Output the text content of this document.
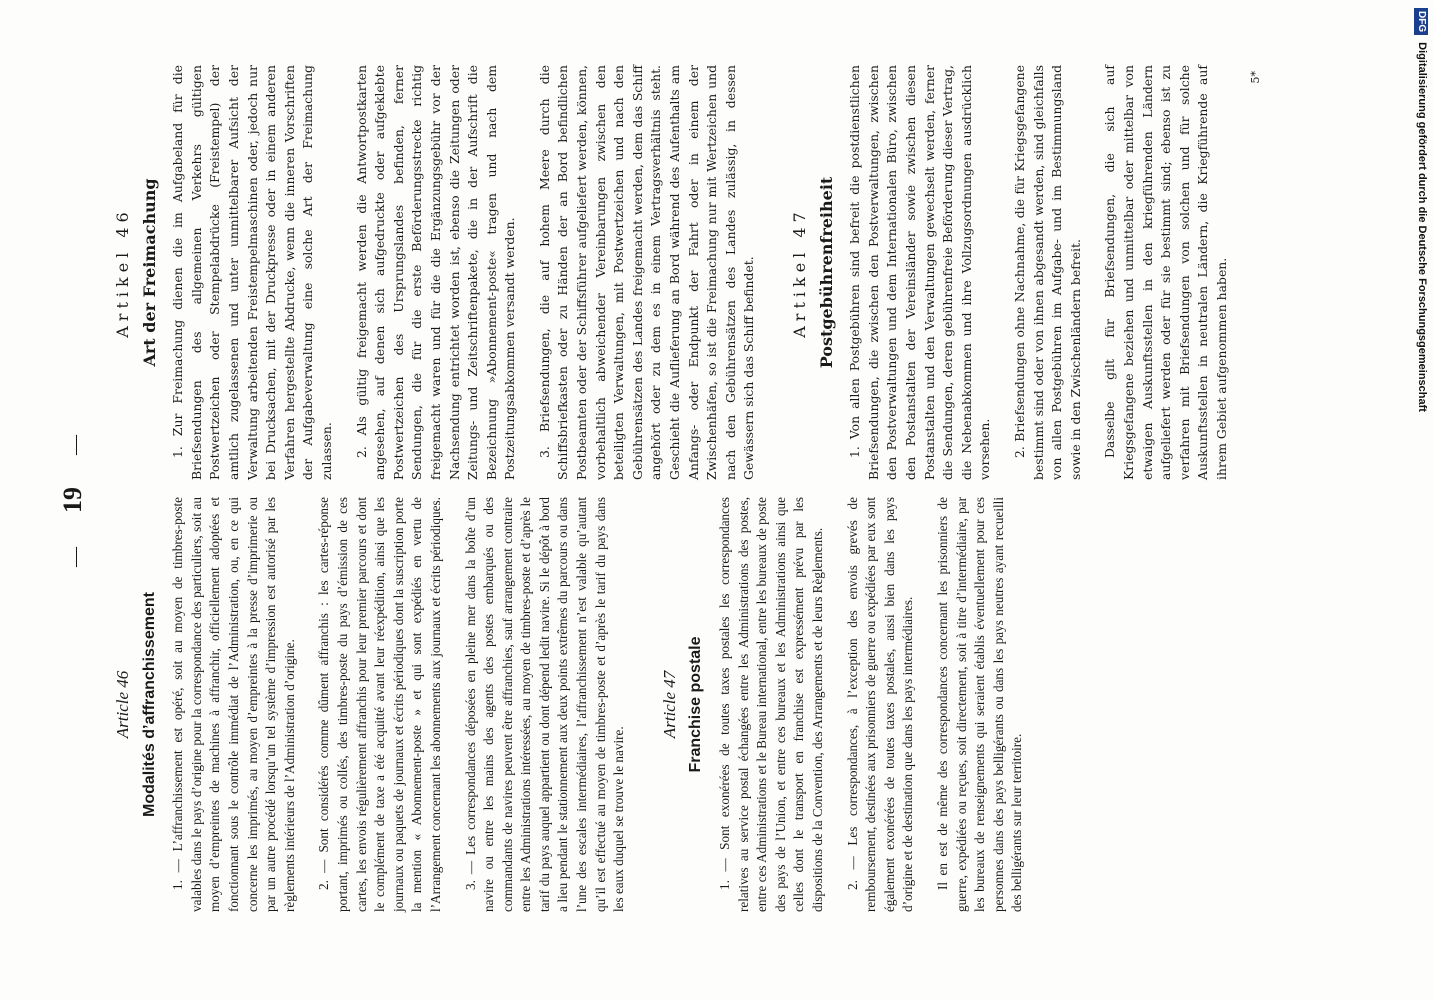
— 19 —
Article 46 Modalités d’affranchissement 1. — L’affranchissement est opéré, soit au moyen de timbres-poste valables dans le pays d’origine pour la correspondance des particuliers, soit au moyen d’empreintes de machines à affranchir, officiellement adoptées et fonctionnant sous le contrôle immédiat de l’Administration, ou, en ce qui concerne les imprimés, au moyen d’empreintes à la presse d’imprimerie ou par un autre procédé lorsqu’un tel système d’impression est autorisé par les règlements intérieurs de l’Administration d’origine. 2. — Sont considérés comme dûment affranchis : les cartes-réponse portant, imprimés ou collés, des timbres-poste du pays d’émission de ces cartes, les envois régulièrement affranchis pour leur premier parcours et dont le complément de taxe a été acquitté avant leur réexpédition, ainsi que les journaux ou paquets de journaux et écrits périodiques dont la suscription porte la mention « Abonnement-poste » et qui sont expédiés en vertu de l’Arrangement concernant les abonnements aux journaux et écrits périodiques. 3. — Les correspondances déposées en pleine mer dans la boîte d’un navire ou entre les mains des agents des postes embarqués ou des commandants de navires peuvent être affranchies, sauf arrangement contraire entre les Administrations intéressées, au moyen de timbres-poste et d’après le tarif du pays auquel appartient ou dont dépend ledit navire. Si le dépôt à bord a lieu pendant le stationnement aux deux points extrêmes du parcours ou dans l’une des escales intermédiaires, l’affranchissement n’est valable qu’autant qu’il est effectué au moyen de timbres-poste et d’après le tarif du pays dans les eaux duquel se trouve le navire.

Article 47 Franchise postale 1. — Sont exonérées de toutes taxes postales les correspondances relatives au service postal échangées entre les Administrations des postes, entre ces Administrations et le Bureau international, entre les bureaux de poste des pays de l’Union, et entre ces bureaux et les Administrations ainsi que celles dont le transport en franchise est expressément prévu par les dispositions de la Convention, des Arrangements et de leurs Règlements. 2. — Les correspondances, à l’exception des envois grevés de remboursement, destinées aux prisonniers de guerre ou expédiées par eux sont également exonérées de toutes taxes postales, aussi bien dans les pays d’origine et de destination que dans les pays intermédiaires. Il en est de même des correspondances concernant les prisonniers de guerre, expédiées ou reçues, soit directement, soit à titre d’intermédiaire, par les bureaux de renseignements qui seraient établis éventuellement pour ces personnes dans des pays belligérants ou dans les pays neutres ayant recueilli des belligérants sur leur territoire.

Artikel 46 Art der Freimachung 1. Zur Freimachung dienen die im Aufgabeland für die Briefsendungen des allgemeinen Verkehrs gültigen Postwertzeichen oder Stempelabdrücke (Freistempel) der amtlich zugelassenen und unter unmittelbarer Aufsicht der Verwaltung arbeitenden Freistempelmaschinen oder, jedoch nur bei Drucksachen, mit der Druckpresse oder in einem anderen Verfahren hergestellte Abdrucke, wenn die inneren Vorschriften der Aufgabeverwaltung eine solche Art der Freimachung zulassen. 2. Als gültig freigemacht werden die Antwortpostkarten angesehen, auf denen sich aufgedruckte oder aufgeklebte Postwertzeichen des Ursprungslandes befinden, ferner Sendungen, die für die erste Beförderungsstrecke richtig freigemacht waren und für die die Ergänzungsgebühr vor der Nachsendung entrichtet worden ist, ebenso die Zeitungen oder Zeitungs- und Zeitschriftenpakete, die in der Aufschrift die Bezeichnung »Abonnement-poste« tragen und nach dem Postzeitungsabkommen versandt werden. 3. Briefsendungen, die auf hohem Meere durch die Schiffsbriefkasten oder zu Händen der an Bord befindlichen Postbeamten oder der Schiffsführer aufgeliefert werden, können, vorbehaltlich abweichender Vereinbarungen zwischen den beteiligten Verwaltungen, mit Postwertzeichen und nach den Gebührensätzen des Landes freigemacht werden, dem das Schiff angehört oder zu dem es in einem Vertragsverhältnis steht. Geschieht die Auflieferung an Bord während des Aufenthalts am Anfangs- oder Endpunkt der Fahrt oder in einem der Zwischenhäfen, so ist die Freimachung nur mit Wertzeichen und nach den Gebührensätzen des Landes zulässig, in dessen Gewässern sich das Schiff befindet. Artikel 47 Postgebührenfreiheit 1. Von allen Postgebühren sind befreit die postdienstlichen Briefsendungen, die zwischen den Postverwaltungen, zwischen den Postverwaltungen und dem Internationalen Büro, zwischen den Postanstalten der Vereinsländer sowie zwischen diesen Postanstalten und den Verwaltungen gewechselt werden, ferner die Sendungen, deren gebührenfreie Beförderung dieser Vertrag, die Nebenabkommen und ihre Vollzugsordnungen ausdrücklich vorsehen. 2. Briefsendungen ohne Nachnahme, die für Kriegsgefangene bestimmt sind oder von ihnen abgesandt werden, sind gleichfalls von allen Postgebühren im Aufgabe- und im Bestimmungsland sowie in den Zwischenländern befreit. Dasselbe gilt für Briefsendungen, die sich auf Kriegsgefangene beziehen und unmittelbar oder mittelbar von etwaigen Auskunftsstellen in den kriegführenden Ländern aufgeliefert werden oder für sie bestimmt sind; ebenso ist zu verfahren mit Briefsendungen von solchen und für solche Auskunftsstellen in neutralen Ländern, die Kriegführende auf ihrem Gebiet aufgenommen haben.

5*
DFG Digitalisierung gefördert durch die Deutsche Forschungsgemeinschaft
